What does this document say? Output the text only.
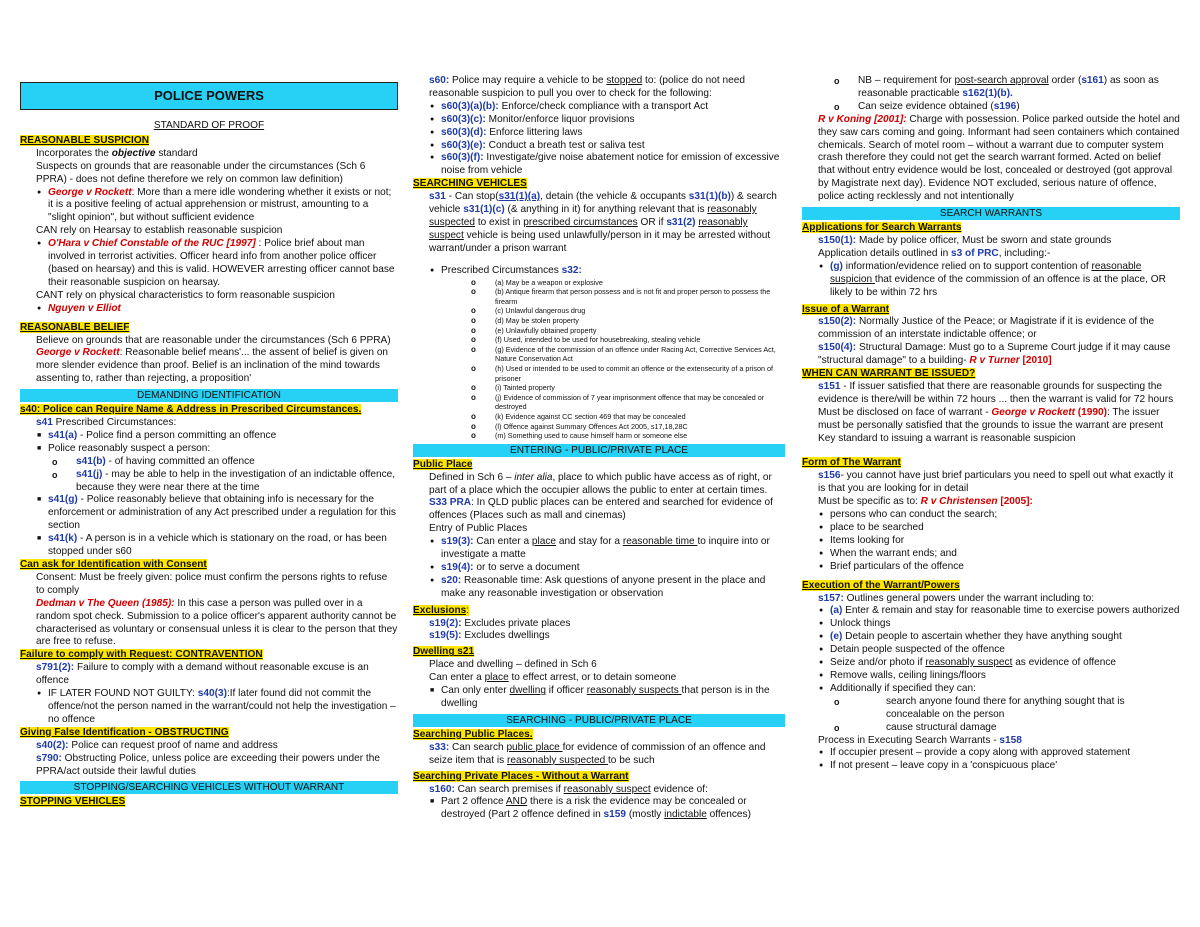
POLICE POWERS
STANDARD OF PROOF
REASONABLE SUSPICION
Incorporates the objective standard
Suspects on grounds that are reasonable under the circumstances (Sch 6
PPRA) - does not define therefore we rely on common law definition)
● George v Rockett: More than a mere idle wondering whether it exists or not; it is a positive feeling of actual apprehension or mistrust, amounting to a "slight opinion", but without sufficient evidence
CAN rely on Hearsay to establish reasonable suspicion
● O'Hara v Chief Constable of the RUC [1997] : Police brief about man involved in terrorist activities. Officer heard info from another police officer (based on hearsay) and this is valid. HOWEVER arresting officer cannot base their reasonable suspicion on hearsay.
CANT rely on physical characteristics to form reasonable suspicion
● Nguyen v Elliot
REASONABLE BELIEF
Believe on grounds that are reasonable under the circumstances (Sch 6 PPRA)
George v Rockett: Reasonable belief means'... the assent of belief is given on more slender evidence than proof. Belief is an inclination of the mind towards assenting to, rather than rejecting, a proposition'
DEMANDING IDENTIFICATION
s40: Police can Require Name & Address in Prescribed Circumstances.
s41 Prescribed Circumstances:
■ s41(a) - Police find a person committing an offence
■ Police reasonably suspect a person:
o s41(b) - of having committed an offence
o s41(j) - may be able to help in the investigation of an indictable offence, because they were near there at the time
■ s41(g) - Police reasonably believe that obtaining info is necessary for the enforcement or administration of any Act prescribed under a regulation for this section
■ s41(k) - A person is in a vehicle which is stationary on the road, or has been stopped under s60
Can ask for Identification with Consent
Consent: Must be freely given: police must confirm the persons rights to refuse to comply
Dedman v The Queen (1985): In this case a person was pulled over in a random spot check. Submission to a police officer's apparent authority cannot be characterised as voluntary or consensual unless it is clear to the person that they are free to refuse.
Failure to comply with Request: CONTRAVENTION
s791(2): Failure to comply with a demand without reasonable excuse is an offence
● IF LATER FOUND NOT GUILTY: s40(3):If later found did not commit the offence/not the person named in the warrant/could not help the investigation – no offence
Giving False Identification - OBSTRUCTING
s40(2): Police can request proof of name and address
s790: Obstructing Police, unless police are exceeding their powers under the PPRA/act outside their lawful duties
STOPPING/SEARCHING VEHICLES WITHOUT WARRANT
STOPPING VEHICLES
s60: Police may require a vehicle to be stopped to: (police do not need reasonable suspicion to pull you over to check for the following:
● s60(3)(a)(b): Enforce/check compliance with a transport Act
● s60(3)(c): Monitor/enforce liquor provisions
● s60(3)(d): Enforce littering laws
● s60(3)(e): Conduct a breath test or saliva test
● s60(3)(f): Investigate/give noise abatement notice for emission of excessive noise from vehicle
SEARCHING VEHICLES
s31 - Can stop(s31(1)(a), detain (the vehicle & occupants s31(1)(b)) & search vehicle s31(1)(c) (& anything in it) for anything relevant that is reasonably suspected to exist in prescribed circumstances OR if s31(2) reasonably suspect vehicle is being used unlawfully/person in it may be arrested without warrant/under a prison warrant
● Prescribed Circumstances s32:
o (a) May be a weapon or explosive
o (b) Antique firearm that person possess and is not fit and proper person to possess the firearm
o (c) Unlawful dangerous drug
o (d) May be stolen property
o (e) Unlawfully obtained property
o (f) Used, intended to be used for housebreaking, stealing vehicle
o (g) Evidence of the commission of an offence under Racing Act, Corrective Services Act, Nature Conservation Act
o (h) Used or intended to be used to commit an offence or the extensecurity of a prison of prisoner
o (i) Tainted property
o (j) Evidence of commission of 7 year imprisonment offence that may be concealed or destroyed
o (k) Evidence against CC section 469 that may be concealed
o (l) Offence against Summary Offences Act 2005, s17,18,28C
o (m) Something used to cause himself harm or someone else
ENTERING - PUBLIC/PRIVATE PLACE
Public Place
Defined in Sch 6 – inter alia, place to which public have access as of right, or part of a place which the occupier allows the public to enter at certain times.
S33 PRA: In QLD public places can be entered and searched for evidence of offences (Places such as mall and cinemas)
Entry of Public Places
● s19(3): Can enter a place and stay for a reasonable time to inquire into or investigate a matte
● s19(4): or to serve a document
● s20: Reasonable time: Ask questions of anyone present in the place and make any reasonable investigation or observation
Exclusions:
s19(2): Excludes private places
s19(5): Excludes dwellings
Dwelling s21
Place and dwelling – defined in Sch 6
Can enter a place to effect arrest, or to detain someone
■ Can only enter dwelling if officer reasonably suspects that person is in the dwelling
SEARCHING - PUBLIC/PRIVATE PLACE
Searching Public Places.
s33: Can search public place for evidence of commission of an offence and seize item that is reasonably suspected to be such
Searching Private Places - Without a Warrant
s160: Can search premises if reasonably suspect evidence of:
■ Part 2 offence AND there is a risk the evidence may be concealed or destroyed (Part 2 offence defined in s159 (mostly indictable offences)
o NB – requirement for post-search approval order (s161) as soon as reasonable practicable s162(1)(b).
o Can seize evidence obtained (s196)
R v Koning [2001]: Charge with possession. Police parked outside the hotel and they saw cars coming and going. Informant had seen containers which contained chemicals. Search of motel room – without a warrant due to computer system crash therefore they could not get the search warrant formed. Acted on belief that without entry evidence would be lost, concealed or destroyed (got approval by Magistrate next day). Evidence NOT excluded, serious nature of offence, police acting recklessly and not intentionally
SEARCH WARRANTS
Applications for Search Warrants
s150(1): Made by police officer, Must be sworn and state grounds
Application details outlined in s3 of PRC, including:-
● (g) information/evidence relied on to support contention of reasonable suspicion that evidence of the commission of an offence is at the place, OR likely to be within 72 hrs
Issue of a Warrant
s150(2): Normally Justice of the Peace; or Magistrate if it is evidence of the commission of an interstate indictable offence; or
s150(4): Structural Damage: Must go to a Supreme Court judge if it may cause "structural damage" to a building- R v Turner [2010]
WHEN CAN WARRANT BE ISSUED?
s151 - If issuer satisfied that there are reasonable grounds for suspecting the evidence is there/will be within 72 hours ... then the warrant is valid for 72 hours
Must be disclosed on face of warrant - George v Rockett (1990): The issuer must be personally satisfied that the grounds to issue the warrant are present
Key standard to issuing a warrant is reasonable suspicion
Form of The Warrant
s156- you cannot have just brief particulars you need to spell out what exactly it is that you are looking for in detail
Must be specific as to: R v Christensen [2005]:
● persons who can conduct the search;
● place to be searched
● Items looking for
● When the warrant ends; and
● Brief particulars of the offence
Execution of the Warrant/Powers
s157: Outlines general powers under the warrant including to:
● (a) Enter & remain and stay for reasonable time to exercise powers authorized
● Unlock things
● (e) Detain people to ascertain whether they have anything sought
● Detain people suspected of the offence
● Seize and/or photo if reasonably suspect as evidence of offence
● Remove walls, ceiling linings/floors
● Additionally if specified they can:
o search anyone found there for anything sought that is concealable on the person
o cause structural damage
Process in Executing Search Warrants - s158
● If occupier present – provide a copy along with approved statement
● If not present – leave copy in a 'conspicuous place'
